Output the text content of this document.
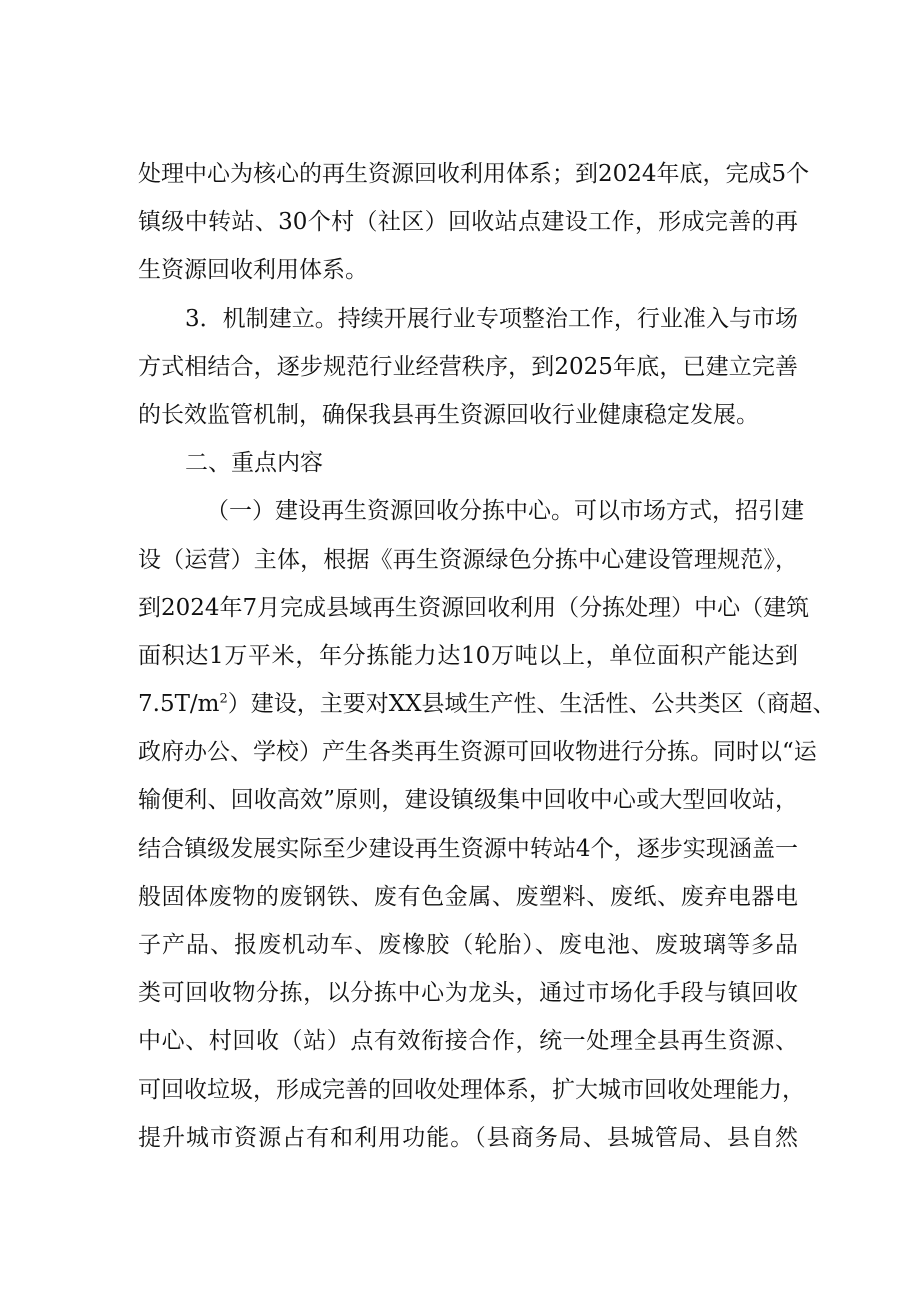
处理中心为核心的再生资源回收利用体系；到2024年底，完成5个
镇级中转站、30个村（社区）回收站点建设工作，形成完善的再
生资源回收利用体系。
3．机制建立。持续开展行业专项整治工作，行业准入与市场
方式相结合，逐步规范行业经营秩序，到2025年底，已建立完善
的长效监管机制，确保我县再生资源回收行业健康稳定发展。
二、重点内容
（一）建设再生资源回收分拣中心。可以市场方式，招引建
设（运营）主体，根据《再生资源绿色分拣中心建设管理规范》，
到2024年7月完成县域再生资源回收利用（分拣处理）中心（建筑
面积达1万平米，年分拣能力达10万吨以上，单位面积产能达到
$7.5T/m^2$）建设，主要对XX县域生产性、生活性、公共类区（商超、
政府办公、学校）产生各类再生资源可回收物进行分拣。同时以“运
输便利、回收高效”原则，建设镇级集中回收中心或大型回收站，
结合镇级发展实际至少建设再生资源中转站4个，逐步实现涵盖一
般固体废物的废钢铁、废有色金属、废塑料、废纸、废弃电器电
子产品、报废机动车、废橡胶（轮胎）、废电池、废玻璃等多品
类可回收物分拣，以分拣中心为龙头，通过市场化手段与镇回收
中心、村回收（站）点有效衔接合作，统一处理全县再生资源、
可回收垃圾，形成完善的回收处理体系，扩大城市回收处理能力，
提升城市资源占有和利用功能。（县商务局、县城管局、县自然
